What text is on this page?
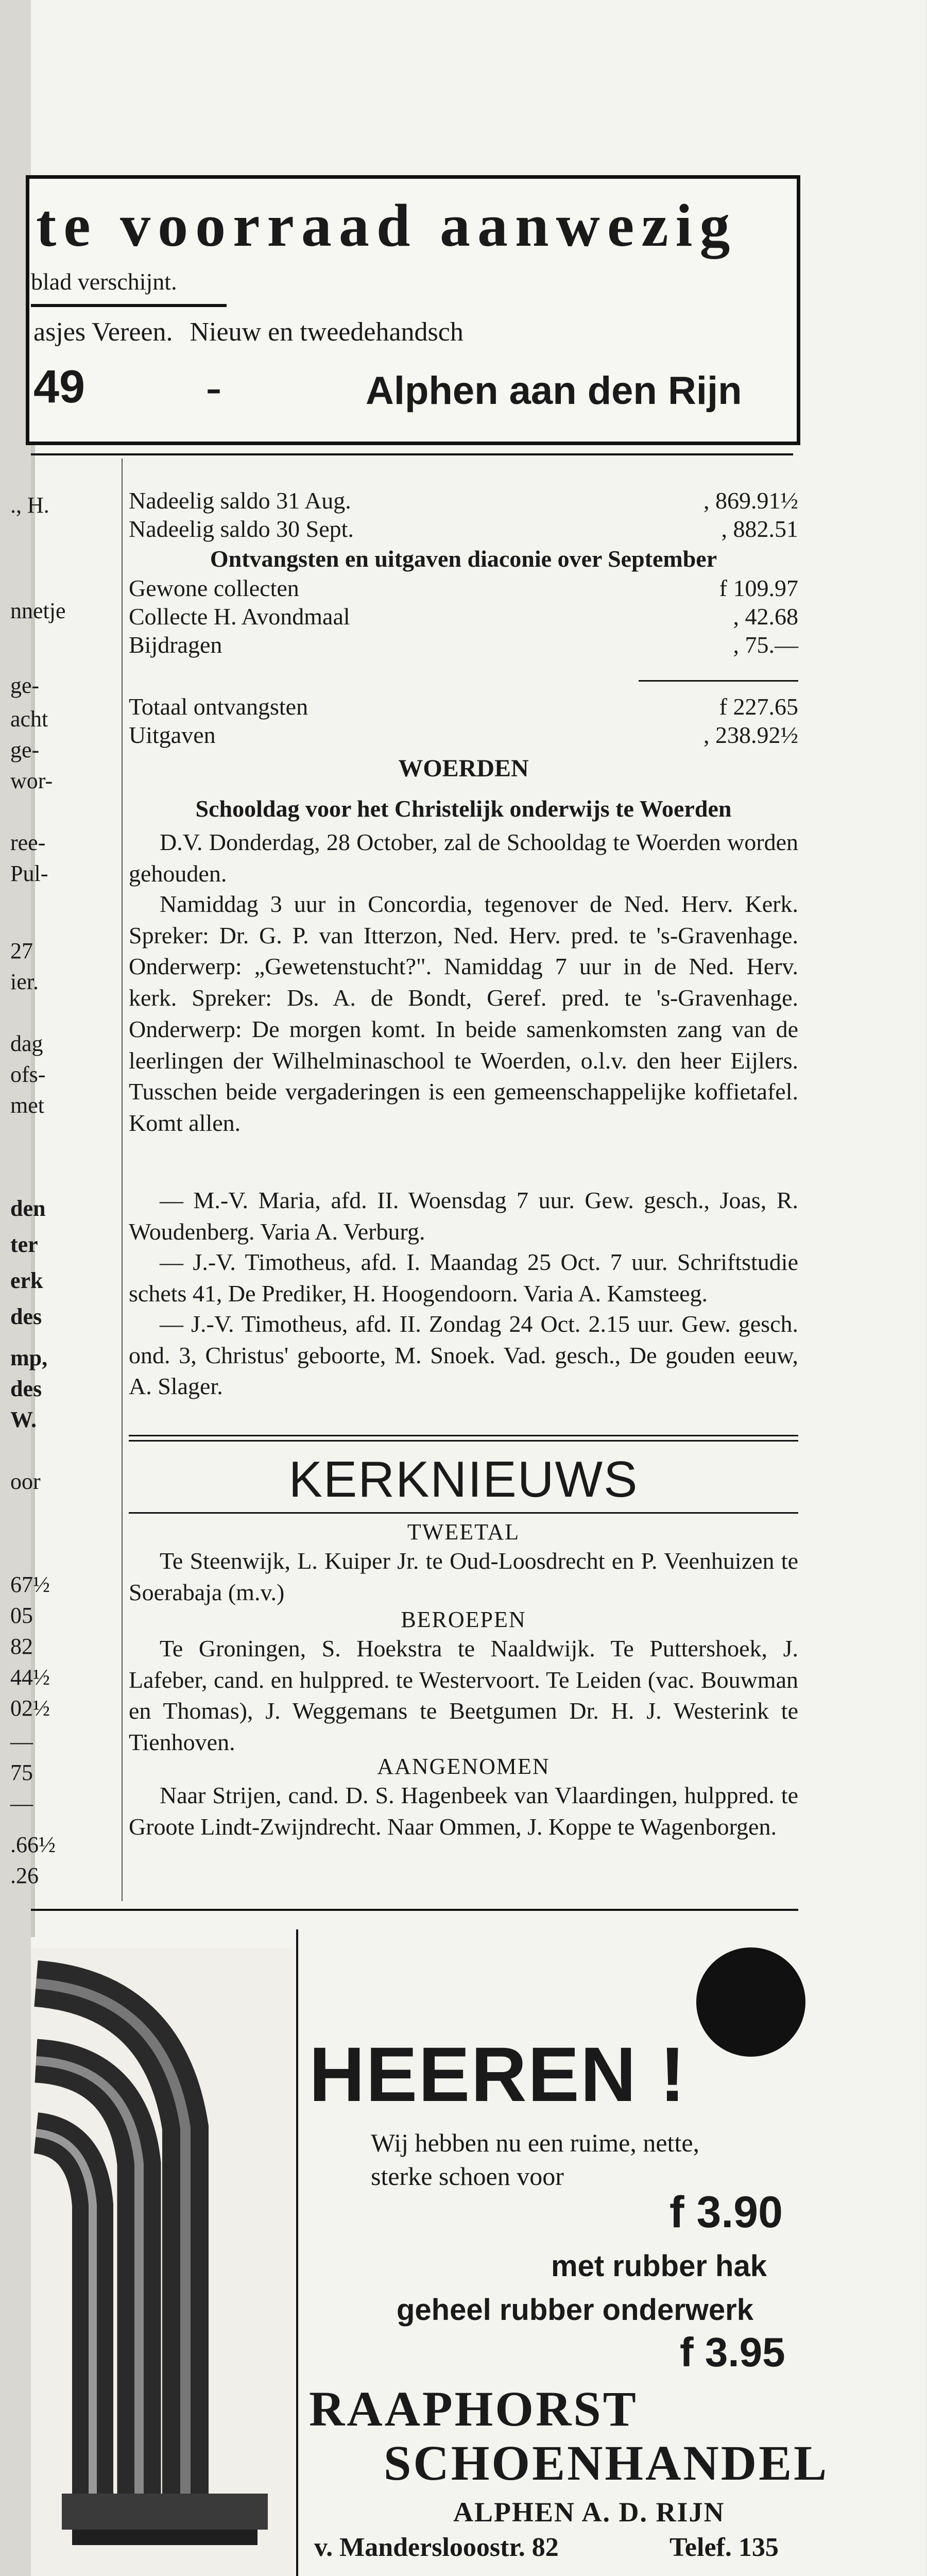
te voorraad aanwezig
blad verschijnt.
asjes Vereen. Nieuw en tweedehandsch
49	-	Alphen aan den Rijn
., H.
nnetje
ge-
acht
ge-
wor-
ree-
Pul-
27
ier.
dag
ofs-
met
den
ter
erk
des
mp,
des
W.
oor
67½
05
82
44½
02½
—
75
—
.66½
.26
Nadeelig saldo 31 Aug.	, 869.91½
Nadeelig saldo 30 Sept.	, 882.51
Ontvangsten en uitgaven diaconie over September
Gewone collecten	f 109.97
Collecte H. Avondmaal	, 42.68
Bijdragen	, 75.—
Totaal ontvangsten	f 227.65
Uitgaven	, 238.92½
WOERDEN
Schooldag voor het Christelijk onderwijs te Woerden
D.V. Donderdag, 28 October, zal de Schooldag te Woerden worden gehouden.
Namiddag 3 uur in Concordia, tegenover de Ned. Herv. Kerk. Spreker: Dr. G. P. van Itterzon, Ned. Herv. pred. te 's-Gravenhage. Onderwerp: „Gewetenstucht?". Namiddag 7 uur in de Ned. Herv. kerk. Spreker: Ds. A. de Bondt, Geref. pred. te 's-Gravenhage. Onderwerp: De morgen komt. In beide samenkomsten zang van de leerlingen der Wilhelminaschool te Woerden, o.l.v. den heer Eijlers. Tusschen beide vergaderingen is een gemeenschappelijke koffietafel. Komt allen.
— M.-V. Maria, afd. II. Woensdag 7 uur. Gew. gesch., Joas, R. Woudenberg. Varia A. Verburg.
— J.-V. Timotheus, afd. I. Maandag 25 Oct. 7 uur. Schriftstudie schets 41, De Prediker, H. Hoogendoorn. Varia A. Kamsteeg.
— J.-V. Timotheus, afd. II. Zondag 24 Oct. 2.15 uur. Gew. gesch. ond. 3, Christus' geboorte, M. Snoek. Vad. gesch., De gouden eeuw, A. Slager.
KERKNIEUWS
TWEETAL
Te Steenwijk, L. Kuiper Jr. te Oud-Loosdrecht en P. Veenhuizen te Soerabaja (m.v.)
BEROEPEN
Te Groningen, S. Hoekstra te Naaldwijk. Te Puttershoek, J. Lafeber, cand. en hulppred. te Westervoort. Te Leiden (vac. Bouwman en Thomas), J. Weggemans te Beetgumen Dr. H. J. Westerink te Tienhoven.
AANGENOMEN
Naar Strijen, cand. D. S. Hagenbeek van Vlaardingen, hulppred. te Groote Lindt-Zwijndrecht. Naar Ommen, J. Koppe te Wagenborgen.
HEEREN !
Wij hebben nu een ruime, nette,
sterke schoen voor
f 3.90
met rubber hak
geheel rubber onderwerk
f 3.95
RAAPHORST
SCHOENHANDEL
ALPHEN A. D. RIJN
v. Manderslooostr. 82	Telef. 135
